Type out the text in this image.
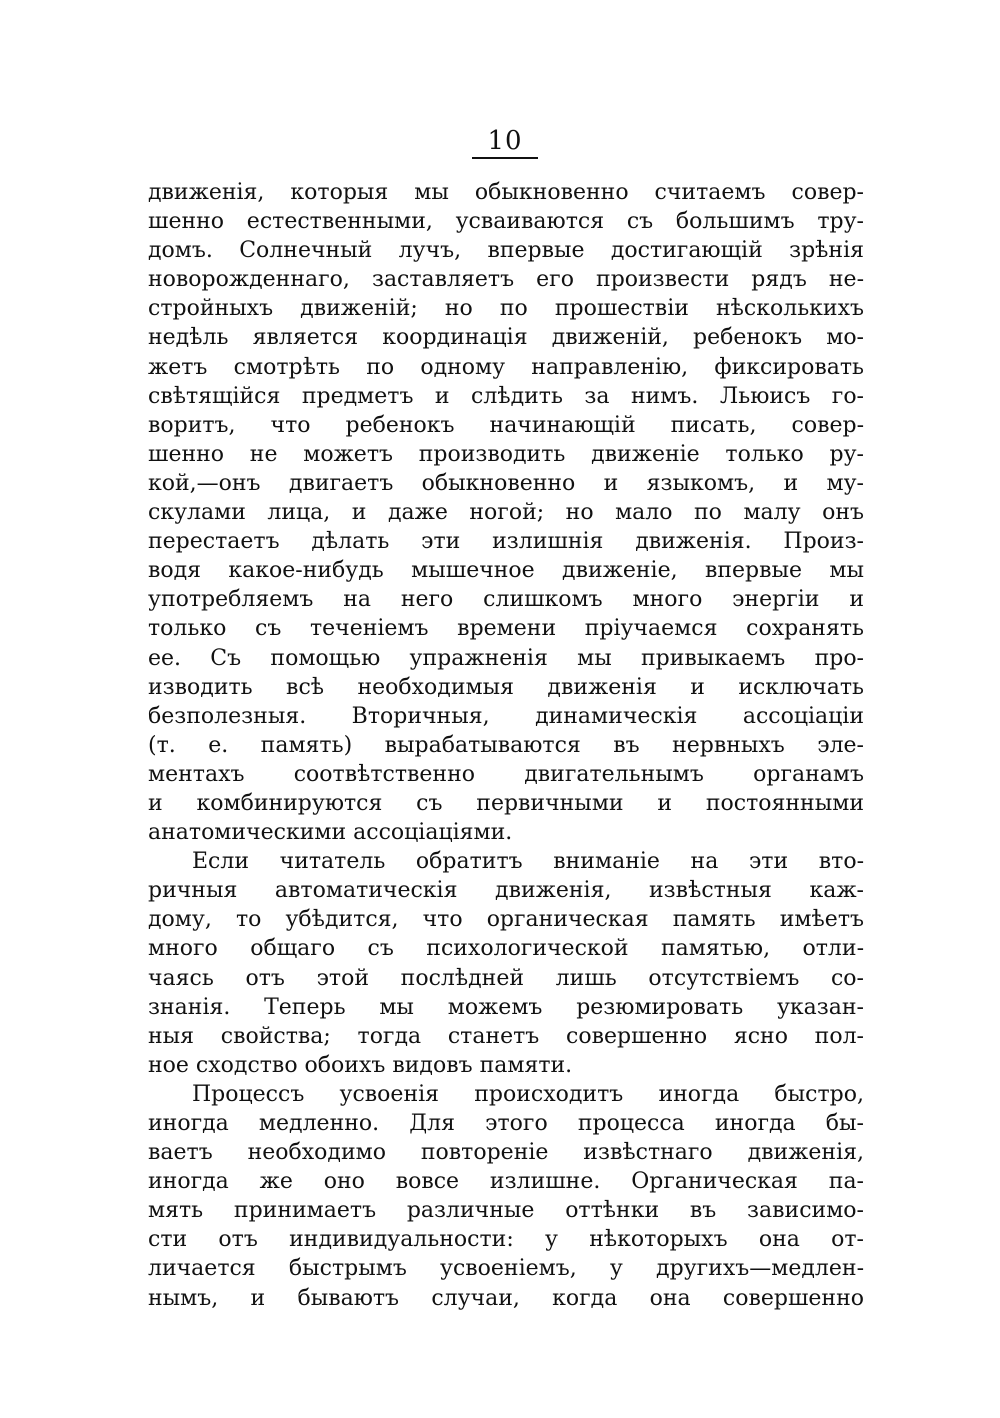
10
движенія, которыя мы обыкновенно считаемъ совер-
шенно естественными, усваиваются съ большимъ тру-
домъ. Солнечный лучъ, впервые достигающій зрѣнія
новорожденнаго, заставляетъ его произвести рядъ не-
стройныхъ движеній; но по прошествіи нѣсколькихъ
недѣль является координація движеній, ребенокъ мо-
жетъ смотрѣть по одному направленію, фиксировать
свѣтящійся предметъ и слѣдить за нимъ. Льюисъ го-
воритъ, что ребенокъ начинающій писать, совер-
шенно не можетъ производить движеніе только ру-
кой,—онъ двигаетъ обыкновенно и языкомъ, и му-
скулами лица, и даже ногой; но мало по малу онъ
перестаетъ дѣлать эти излишнія движенія. Произ-
водя какое-нибудь мышечное движеніе, впервые мы
употребляемъ на него слишкомъ много энергіи и
только съ теченіемъ времени пріучаемся сохранять
ее. Съ помощью упражненія мы привыкаемъ про-
изводить всѣ необходимыя движенія и исключать
безполезныя. Вторичныя, динамическія ассоціаціи
(т. е. память) вырабатываются въ нервныхъ эле-
ментахъ соотвѣтственно двигательнымъ органамъ
и комбинируются съ первичными и постоянными
анатомическими ассоціаціями.
Если читатель обратитъ вниманіе на эти вто-
ричныя автоматическія движенія, извѣстныя каж-
дому, то убѣдится, что органическая память имѣетъ
много общаго съ психологической памятью, отли-
чаясь отъ этой послѣдней лишь отсутствіемъ со-
знанія. Теперь мы можемъ резюмировать указан-
ныя свойства; тогда станетъ совершенно ясно пол-
ное сходство обоихъ видовъ памяти.
Процессъ усвоенія происходитъ иногда быстро,
иногда медленно. Для этого процесса иногда бы-
ваетъ необходимо повтореніе извѣстнаго движенія,
иногда же оно вовсе излишне. Органическая па-
мять принимаетъ различные оттѣнки въ зависимо-
сти отъ индивидуальности: у нѣкоторыхъ она от-
личается быстрымъ усвоеніемъ, у другихъ—медлен-
нымъ, и бываютъ случаи, когда она совершенно
